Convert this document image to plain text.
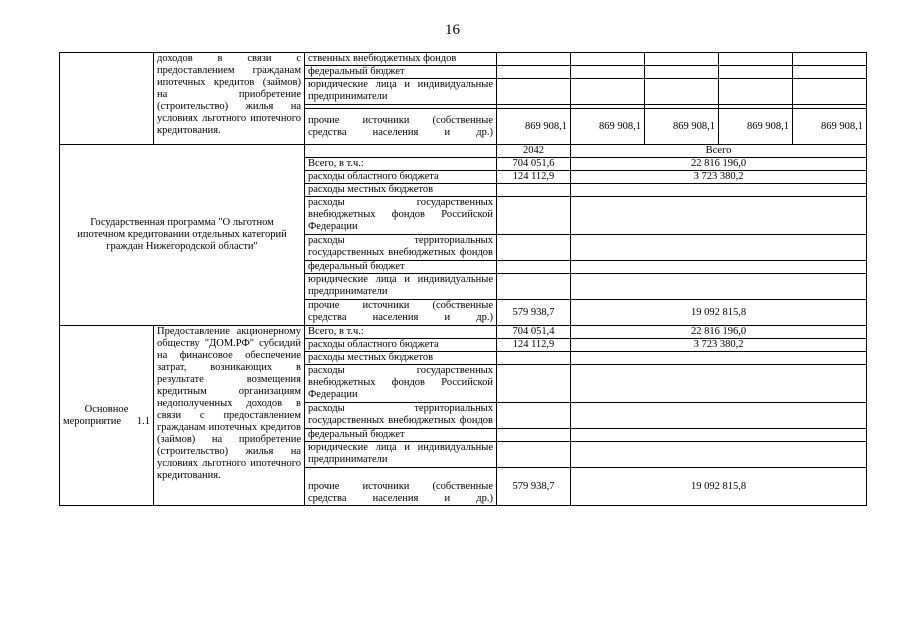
16
	доходов в связи с предоставлением гражданам ипотечных кредитов (займов) на приобретение (строительство) жилья на условиях льготного ипотечного кредитования.	ственных внебюджетных фондов					
		федеральный бюджет					
		юридические лица и индивидуальные предприниматели					

		прочие источники (собственные средства населения и др.)	869 908,1	869 908,1	869 908,1	869 908,1	869 908,1
Государственная программа "О льготном ипотечном кредитовании отдельных категорий граждан Нижегородской области"			2042	Всего			
		Всего, в т.ч.:	704 051,6	22 816 196,0			
		расходы областного бюджета	124 112,9	3 723 380,2			
		расходы местных бюджетов					
		расходы государственных внебюджетных фондов Российской Федерации					
		расходы территориальных государственных внебюджетных фондов					
		федеральный бюджет					
		юридические лица и индивидуальные предприниматели					
		прочие источники (собственные средства населения и др.)	579 938,7	19 092 815,8			
Основное мероприятие 1.1	Предоставление акционерному обществу "ДОМ.РФ" субсидий на финансовое обеспечение затрат, возникающих в результате возмещения кредитным организациям недополученных доходов в связи с предоставлением гражданам ипотечных кредитов (займов) на приобретение (строительство) жилья на условиях льготного ипотечного кредитования.	Всего, в т.ч.:	704 051,4	22 816 196,0			
		расходы областного бюджета	124 112,9	3 723 380,2			
		расходы местных бюджетов					
		расходы государственных внебюджетных фондов Российской Федерации					
		расходы территориальных государственных внебюджетных фондов					
		федеральный бюджет					
		юридические лица и индивидуальные предприниматели					
		прочие источники (собственные средства населения и др.)	579 938,7	19 092 815,8			
